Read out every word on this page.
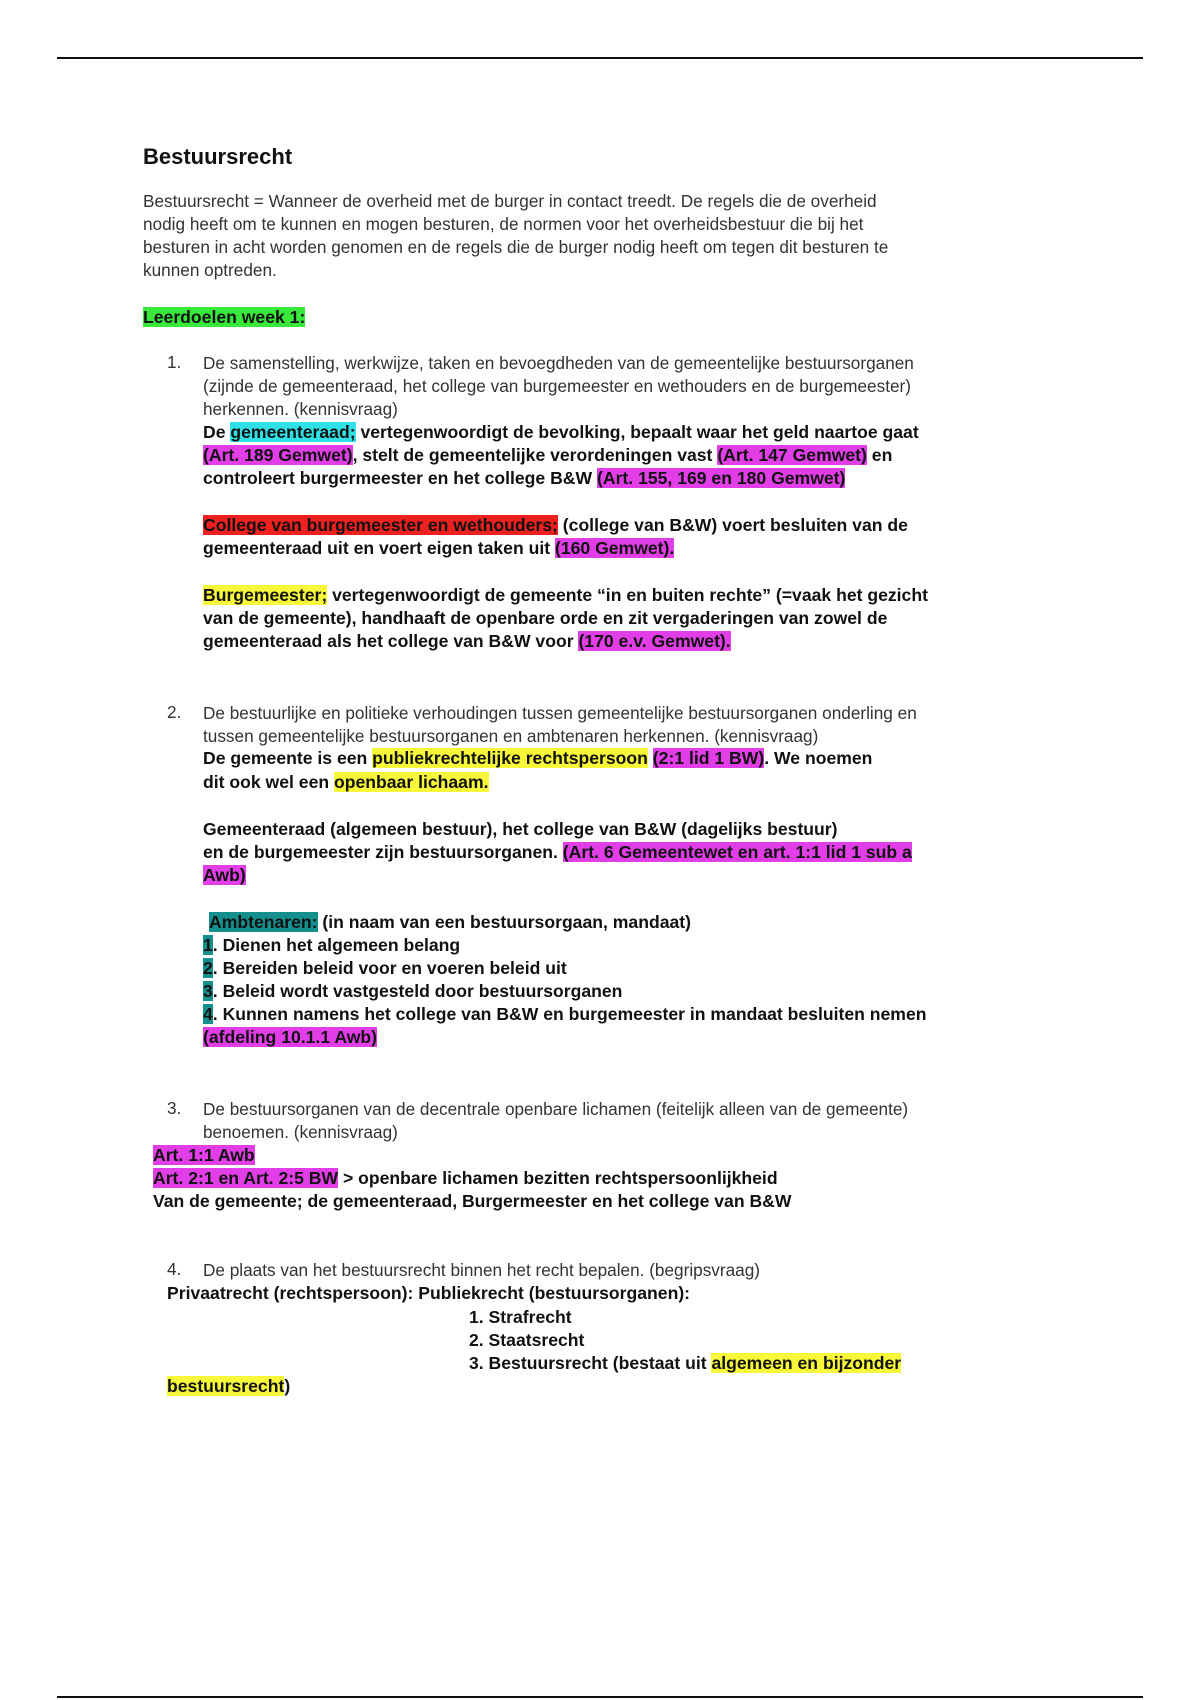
Bestuursrecht
Bestuursrecht = Wanneer de overheid met de burger in contact treedt. De regels die de overheid
nodig heeft om te kunnen en mogen besturen, de normen voor het overheidsbestuur die bij het
besturen in acht worden genomen en de regels die de burger nodig heeft om tegen dit besturen te
kunnen optreden.
Leerdoelen week 1:
1. De samenstelling, werkwijze, taken en bevoegdheden van de gemeentelijke bestuursorganen
(zijnde de gemeenteraad, het college van burgemeester en wethouders en de burgemeester)
herkennen. (kennisvraag)
De gemeenteraad; vertegenwoordigt de bevolking, bepaalt waar het geld naartoe gaat
(Art. 189 Gemwet), stelt de gemeentelijke verordeningen vast (Art. 147 Gemwet) en
controleert burgermeester en het college B&W (Art. 155, 169 en 180 Gemwet)
College van burgemeester en wethouders; (college van B&W) voert besluiten van de
gemeenteraad uit en voert eigen taken uit (160 Gemwet).
Burgemeester; vertegenwoordigt de gemeente “in en buiten rechte” (=vaak het gezicht
van de gemeente), handhaaft de openbare orde en zit vergaderingen van zowel de
gemeenteraad als het college van B&W voor (170 e.v. Gemwet).
2. De bestuurlijke en politieke verhoudingen tussen gemeentelijke bestuursorganen onderling en
tussen gemeentelijke bestuursorganen en ambtenaren herkennen. (kennisvraag)
De gemeente is een publiekrechtelijke rechtspersoon (2:1 lid 1 BW). We noemen
dit ook wel een openbaar lichaam.
Gemeenteraad (algemeen bestuur), het college van B&W (dagelijks bestuur)
en de burgemeester zijn bestuursorganen. (Art. 6 Gemeentewet en art. 1:1 lid 1 sub a
Awb)
Ambtenaren: (in naam van een bestuursorgaan, mandaat)
1. Dienen het algemeen belang
2. Bereiden beleid voor en voeren beleid uit
3. Beleid wordt vastgesteld door bestuursorganen
4. Kunnen namens het college van B&W en burgemeester in mandaat besluiten nemen
(afdeling 10.1.1 Awb)
3. De bestuursorganen van de decentrale openbare lichamen (feitelijk alleen van de gemeente)
benoemen. (kennisvraag)
Art. 1:1 Awb
Art. 2:1 en Art. 2:5 BW > openbare lichamen bezitten rechtspersoonlijkheid
Van de gemeente; de gemeenteraad, Burgermeester en het college van B&W
4. De plaats van het bestuursrecht binnen het recht bepalen. (begripsvraag)
Privaatrecht (rechtspersoon): Publiekrecht (bestuursorganen):
1. Strafrecht
2. Staatsrecht
3. Bestuursrecht (bestaat uit algemeen en bijzonder
bestuursrecht)
